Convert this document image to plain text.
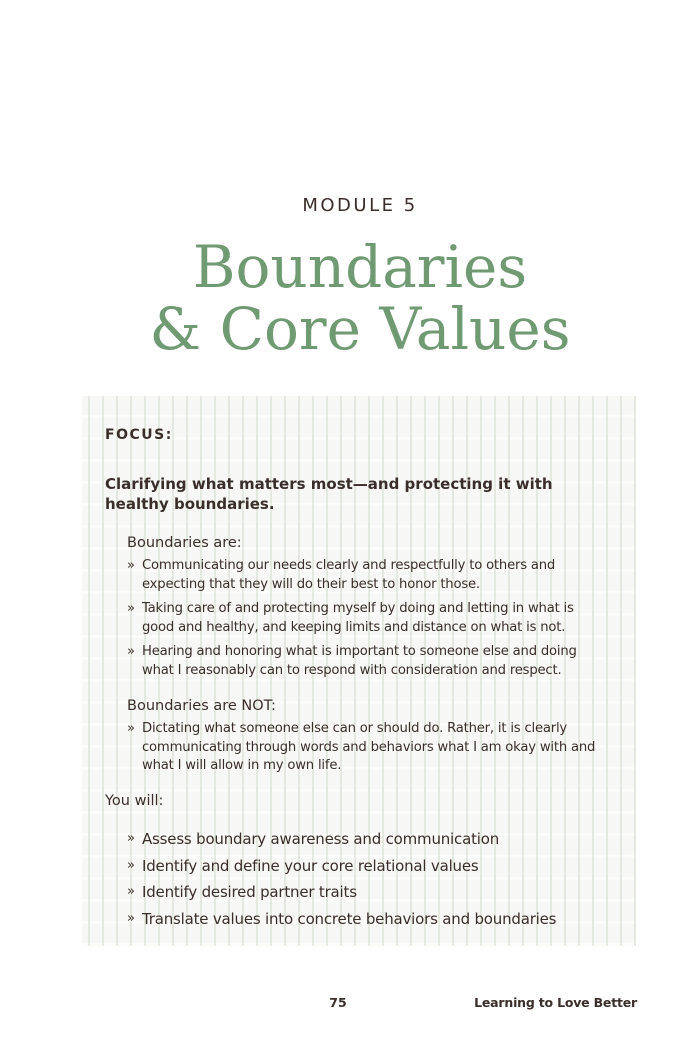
MODULE 5
Boundaries
& Core Values
FOCUS:
Clarifying what matters most—and protecting it with healthy boundaries.
Boundaries are:
» Communicating our needs clearly and respectfully to others and expecting that they will do their best to honor those.
» Taking care of and protecting myself by doing and letting in what is good and healthy, and keeping limits and distance on what is not.
» Hearing and honoring what is important to someone else and doing what I reasonably can to respond with consideration and respect.
Boundaries are NOT:
» Dictating what someone else can or should do. Rather, it is clearly communicating through words and behaviors what I am okay with and what I will allow in my own life.
You will:
» Assess boundary awareness and communication
» Identify and define your core relational values
» Identify desired partner traits
» Translate values into concrete behaviors and boundaries
75	Learning to Love Better
